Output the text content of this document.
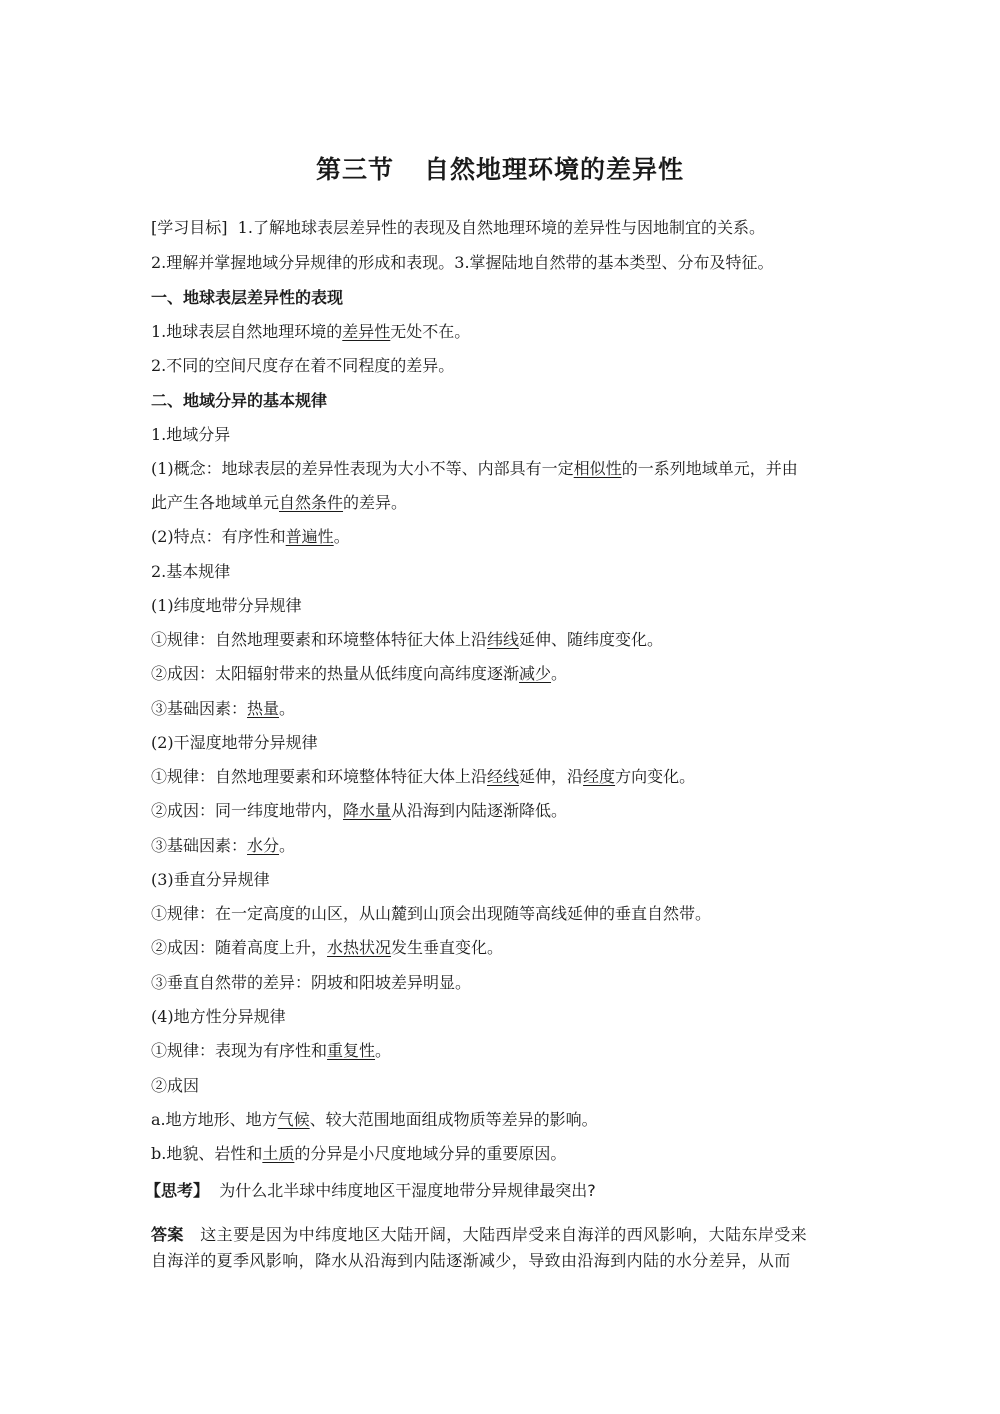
第三节 自然地理环境的差异性
[学习目标] 1.了解地球表层差异性的表现及自然地理环境的差异性与因地制宜的关系。
2.理解并掌握地域分异规律的形成和表现。3.掌握陆地自然带的基本类型、分布及特征。
一、地球表层差异性的表现
1.地球表层自然地理环境的差异性无处不在。
2.不同的空间尺度存在着不同程度的差异。
二、地域分异的基本规律
1.地域分异
(1)概念：地球表层的差异性表现为大小不等、内部具有一定相似性的一系列地域单元，并由
此产生各地域单元自然条件的差异。
(2)特点：有序性和普遍性。
2.基本规律
(1)纬度地带分异规律
①规律：自然地理要素和环境整体特征大体上沿纬线延伸、随纬度变化。
②成因：太阳辐射带来的热量从低纬度向高纬度逐渐减少。
③基础因素：热量。
(2)干湿度地带分异规律
①规律：自然地理要素和环境整体特征大体上沿经线延伸，沿经度方向变化。
②成因：同一纬度地带内，降水量从沿海到内陆逐渐降低。
③基础因素：水分。
(3)垂直分异规律
①规律：在一定高度的山区，从山麓到山顶会出现随等高线延伸的垂直自然带。
②成因：随着高度上升，水热状况发生垂直变化。
③垂直自然带的差异：阴坡和阳坡差异明显。
(4)地方性分异规律
①规律：表现为有序性和重复性。
②成因
a.地方地形、地方气候、较大范围地面组成物质等差异的影响。
b.地貌、岩性和土质的分异是小尺度地域分异的重要原因。
【思考】 为什么北半球中纬度地区干湿度地带分异规律最突出?
答案 这主要是因为中纬度地区大陆开阔，大陆西岸受来自海洋的西风影响，大陆东岸受来
自海洋的夏季风影响，降水从沿海到内陆逐渐减少，导致由沿海到内陆的水分差异，从而
